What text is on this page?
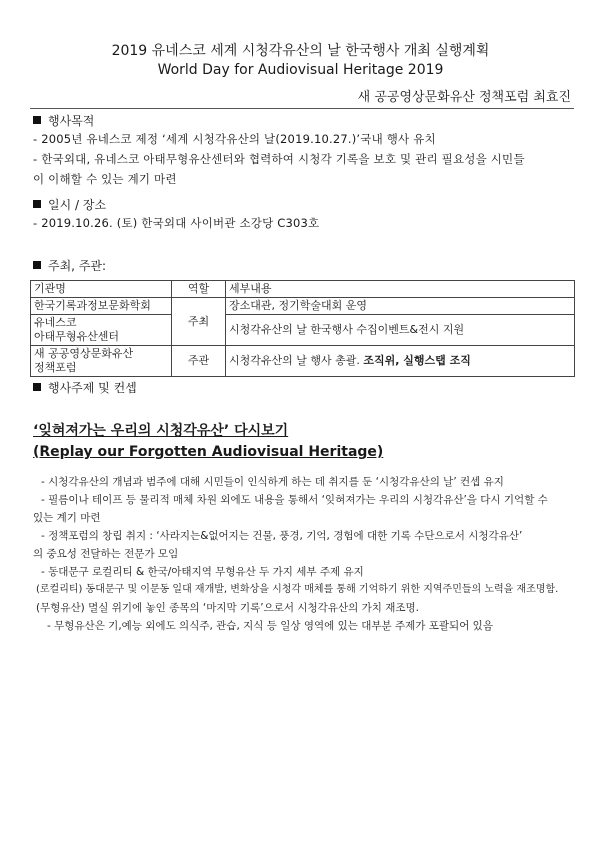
2019 유네스코 세계 시청각유산의 날 한국행사 개최 실행계획
World Day for Audiovisual Heritage 2019
새 공공영상문화유산 정책포럼 최효진
행사목적
- 2005년 유네스코 제정 ‘세계 시청각유산의 날(2019.10.27.)’국내 행사 유치
- 한국외대, 유네스코 아태무형유산센터와 협력하여 시청각 기록을 보호 및 관리 필요성을 시민들
이 이해할 수 있는 계기 마련
일시 / 장소
- 2019.10.26. (토) 한국외대 사이버관 소강당 C303호
주최, 주관:
기관명	역할	세부내용
한국기록과정보문화학회	주최	장소대관, 정기학술대회 운영

유네스코
아태무형유산센터		시청각유산의 날 한국행사 수집이벤트&전시 지원

새 공공영상문화유산
정책포럼	주관	시청각유산의 날 행사 총괄. 조직위, 실행스탭 조직
행사주제 및 컨셉
‘잊혀져가는 우리의 시청각유산’ 다시보기
(Replay our Forgotten Audiovisual Heritage)
- 시청각유산의 개념과 범주에 대해 시민들이 인식하게 하는 데 취지를 둔 ‘시청각유산의 날’ 컨셉 유지
- 필름이나 테이프 등 물리적 매체 차원 외에도 내용을 통해서 ‘잊혀져가는 우리의 시청각유산’을 다시 기억할 수
있는 계기 마련
- 정책포럼의 창립 취지 : ‘사라지는&없어지는 건물, 풍경, 기억, 경험에 대한 기록 수단으로서 시청각유산’
의 중요성 전달하는 전문가 모임
- 동대문구 로컬리티 & 한국/아태지역 무형유산 두 가지 세부 주제 유지
(로컬리티) 동대문구 및 이문동 일대 재개발, 변화상을 시청각 매체를 통해 기억하기 위한 지역주민들의 노력을 재조명함.
(무형유산) 멸실 위기에 놓인 종목의 ‘마지막 기록’으로서 시청각유산의 가치 재조명.
- 무형유산은 기,예능 외에도 의식주, 관습, 지식 등 일상 영역에 있는 대부분 주제가 포괄되어 있음
